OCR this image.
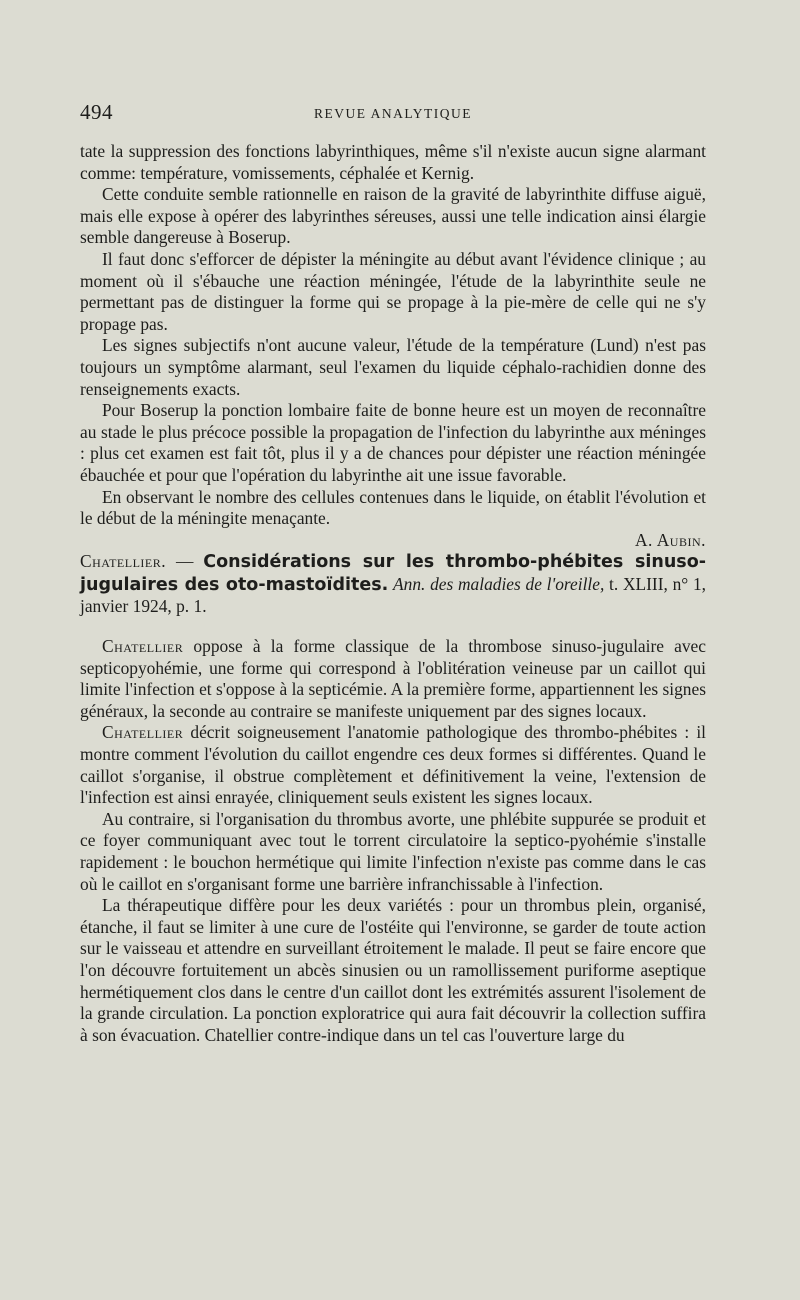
494	REVUE ANALYTIQUE

tate la suppression des fonctions labyrinthiques, même s'il n'existe aucun signe alarmant comme: température, vomissements, céphalée et Kernig.

Cette conduite semble rationnelle en raison de la gravité de labyrinthite diffuse aiguë, mais elle expose à opérer des labyrinthes séreuses, aussi une telle indication ainsi élargie semble dangereuse à Boserup.

Il faut donc s'efforcer de dépister la méningite au début avant l'évidence clinique ; au moment où il s'ébauche une réaction méningée, l'étude de la labyrinthite seule ne permettant pas de distinguer la forme qui se propage à la pie-mère de celle qui ne s'y propage pas.

Les signes subjectifs n'ont aucune valeur, l'étude de la température (Lund) n'est pas toujours un symptôme alarmant, seul l'examen du liquide céphalo-rachidien donne des renseignements exacts.

Pour Boserup la ponction lombaire faite de bonne heure est un moyen de reconnaître au stade le plus précoce possible la propagation de l'infection du labyrinthe aux méninges : plus cet examen est fait tôt, plus il y a de chances pour dépister une réaction méningée ébauchée et pour que l'opération du labyrinthe ait une issue favorable.

En observant le nombre des cellules contenues dans le liquide, on établit l'évolution et le début de la méningite menaçante.

A. Aubin.

Chatellier. — Considérations sur les thrombo-phébites sinuso-jugulaires des oto-mastoïdites. Ann. des maladies de l'oreille, t. XLIII, n° 1, janvier 1924, p. 1.

Chatellier oppose à la forme classique de la thrombose sinuso-jugulaire avec septicopyohémie, une forme qui correspond à l'oblitération veineuse par un caillot qui limite l'infection et s'oppose à la septicémie. A la première forme, appartiennent les signes généraux, la seconde au contraire se manifeste uniquement par des signes locaux.

Chatellier décrit soigneusement l'anatomie pathologique des thrombo-phébites : il montre comment l'évolution du caillot engendre ces deux formes si différentes. Quand le caillot s'organise, il obstrue complètement et définitivement la veine, l'extension de l'infection est ainsi enrayée, cliniquement seuls existent les signes locaux.

Au contraire, si l'organisation du thrombus avorte, une phlébite suppurée se produit et ce foyer communiquant avec tout le torrent circulatoire la septico-pyohémie s'installe rapidement : le bouchon hermétique qui limite l'infection n'existe pas comme dans le cas où le caillot en s'organisant forme une barrière infranchissable à l'infection.

La thérapeutique diffère pour les deux variétés : pour un thrombus plein, organisé, étanche, il faut se limiter à une cure de l'ostéite qui l'environne, se garder de toute action sur le vaisseau et attendre en surveillant étroitement le malade. Il peut se faire encore que l'on découvre fortuitement un abcès sinusien ou un ramollissement puriforme aseptique hermétiquement clos dans le centre d'un caillot dont les extrémités assurent l'isolement de la grande circulation. La ponction exploratrice qui aura fait découvrir la collection suffira à son évacuation. Chatellier contre-indique dans un tel cas l'ouverture large du
